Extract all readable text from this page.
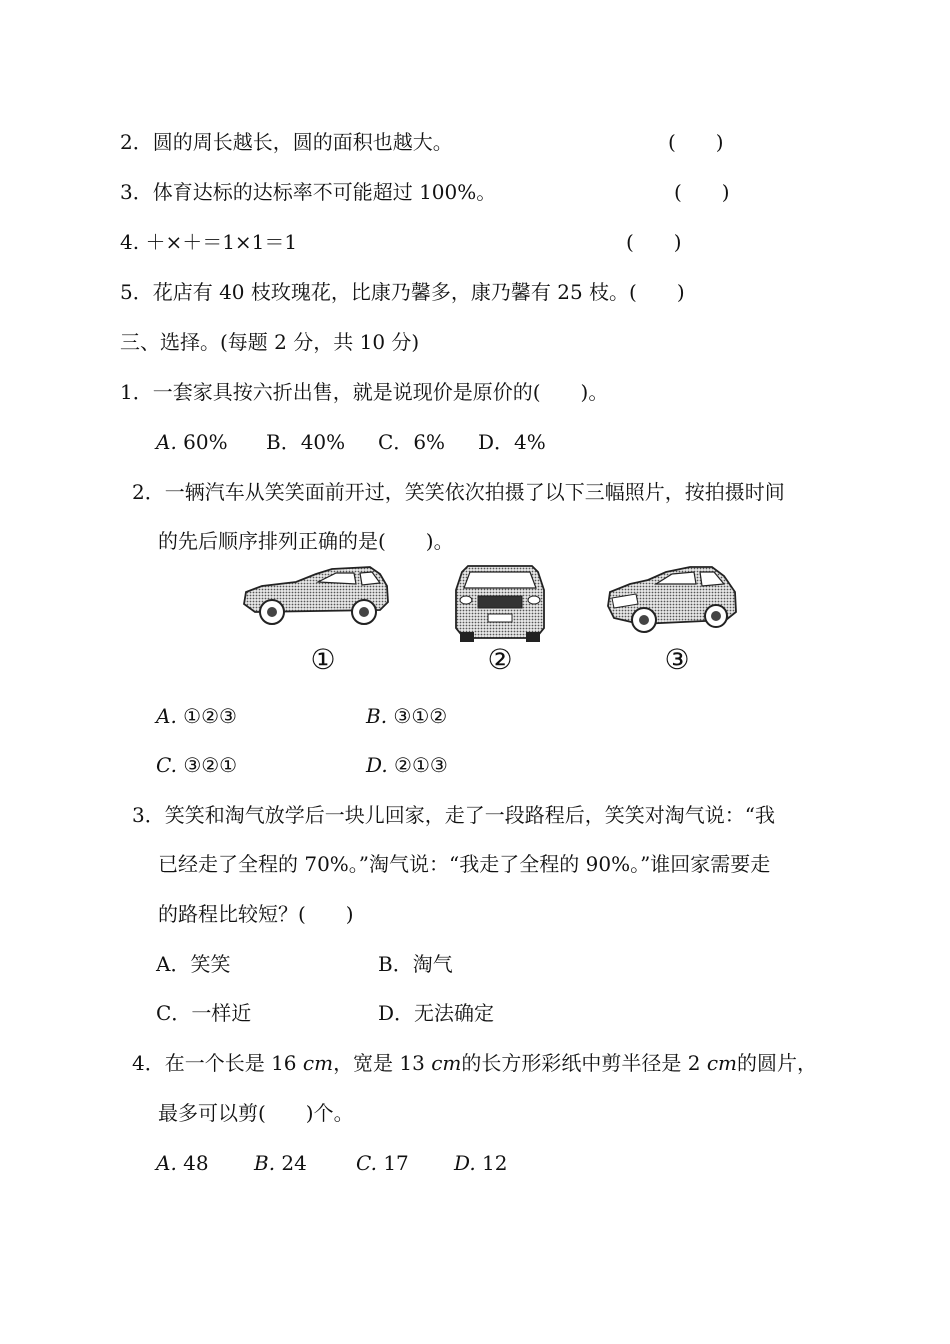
2．圆的周长越长，圆的面积也越大。	(　　)
3．体育达标的达标率不可能超过 100%。	(　　)
4. ＋×＋＝1×1＝1	(　　)
5．花店有 40 枝玫瑰花，比康乃馨多，康乃馨有 25 枝。(　　)
三、选择。(每题 2 分，共 10 分)
1．一套家具按六折出售，就是说现价是原价的(　　)。
A. 60% B．40% C．6% D．4%
2．一辆汽车从笑笑面前开过，笑笑依次拍摄了以下三幅照片，按拍摄时间
的先后顺序排列正确的是(　　)。
①	②	③
A. ①②③	B. ③①②
C. ③②①	D. ②①③
3．笑笑和淘气放学后一块儿回家，走了一段路程后，笑笑对淘气说：“我
已经走了全程的 70%。”淘气说：“我走了全程的 90%。”谁回家需要走
的路程比较短？(　　)
A．笑笑	B．淘气
C．一样近	D．无法确定
4．在一个长是 16 cm，宽是 13 cm的长方形彩纸中剪半径是 2 cm的圆片，
最多可以剪(　　)个。
A. 48 B. 24 C. 17 D. 12
